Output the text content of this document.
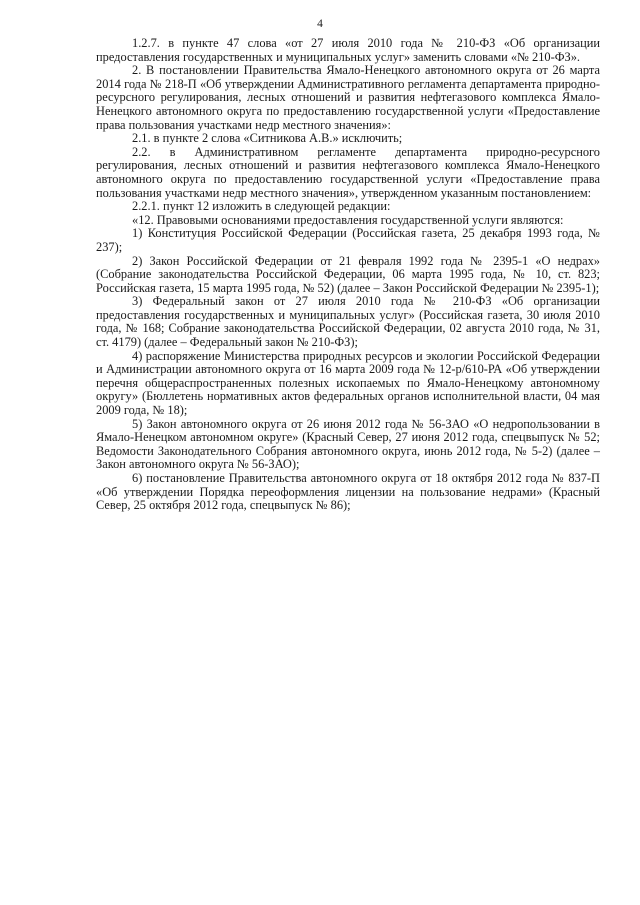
4

1.2.7. в пункте 47 слова «от 27 июля 2010 года № 210-ФЗ «Об организации предоставления государственных и муниципальных услуг» заменить словами «№ 210-ФЗ».

2. В постановлении Правительства Ямало-Ненецкого автономного округа от 26 марта 2014 года № 218-П «Об утверждении Административного регламента департамента природно-ресурсного регулирования, лесных отношений и развития нефтегазового комплекса Ямало-Ненецкого автономного округа по предоставлению государственной услуги «Предоставление права пользования участками недр местного значения»:

2.1. в пункте 2 слова «Ситникова А.В.» исключить;

2.2. в Административном регламенте департамента природно-ресурсного регулирования, лесных отношений и развития нефтегазового комплекса Ямало-Ненецкого автономного округа по предоставлению государственной услуги «Предоставление права пользования участками недр местного значения», утвержденном указанным постановлением:

2.2.1. пункт 12 изложить в следующей редакции:

«12. Правовыми основаниями предоставления государственной услуги являются:

1) Конституция Российской Федерации (Российская газета, 25 декабря 1993 года, № 237);

2) Закон Российской Федерации от 21 февраля 1992 года № 2395-1 «О недрах» (Собрание законодательства Российской Федерации, 06 марта 1995 года, № 10, ст. 823; Российская газета, 15 марта 1995 года, № 52) (далее – Закон Российской Федерации № 2395-1);

3) Федеральный закон от 27 июля 2010 года № 210-ФЗ «Об организации предоставления государственных и муниципальных услуг» (Российская газета, 30 июля 2010 года, № 168; Собрание законодательства Российской Федерации, 02 августа 2010 года, № 31, ст. 4179) (далее – Федеральный закон № 210-ФЗ);

4) распоряжение Министерства природных ресурсов и экологии Российской Федерации и Администрации автономного округа от 16 марта 2009 года № 12-р/610-РА «Об утверждении перечня общераспространенных полезных ископаемых по Ямало-Ненецкому автономному округу» (Бюллетень нормативных актов федеральных органов исполнительной власти, 04 мая 2009 года, № 18);

5) Закон автономного округа от 26 июня 2012 года № 56-ЗАО «О недропользовании в Ямало-Ненецком автономном округе» (Красный Север, 27 июня 2012 года, спецвыпуск № 52; Ведомости Законодательного Собрания автономного округа, июнь 2012 года, № 5-2) (далее – Закон автономного округа № 56-ЗАО);

6) постановление Правительства автономного округа от 18 октября 2012 года № 837-П «Об утверждении Порядка переоформления лицензии на пользование недрами» (Красный Север, 25 октября 2012 года, спецвыпуск № 86);
